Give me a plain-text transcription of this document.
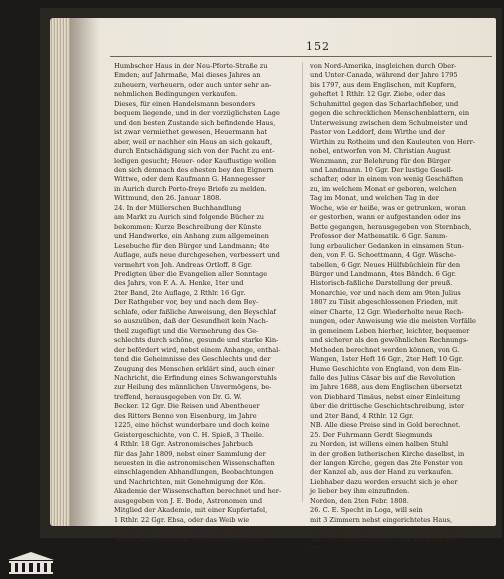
152
Humbscher Haus in der Neu-Pforte-Straße zu
Emden; auf Jahrmaße, Mai dieses Jahres an
zuheuern, verheuern, oder auch unter sehr an-
nehmlichen Bedingungen verkaufen.
Dieses, für einen Handelsmann besonders
bequem liegende, und in der vorzüglichsten Lage
und den besten Zustande sich befindende Haus,
ist zwar vermiethet gewesen, Heuermann hat
aber, weil er nachher ein Haus an sich gekauft,
durch Entschädigung sich von der Pacht zu ent-
ledigen gesucht; Heuer- oder Kauflustige wollen
den sich demnach des ehesten bey den Eignern
Wittwe, oder dem Kaufmann G. Hannegesser
in Aurich durch Porto-freye Briefe zu melden.
Wittmund, den 26. Januar 1808.
24. In der Müllerschen Buchhandlung
am Markt zu Aurich sind folgende Bücher zu
bekommen: Kurze Beschreibung der Künste
und Handwerke, ein Anhang zum allgemeinen
Lesebuche für den Bürger und Landmann; 4te
Auflage, aufs neue durchgesehen, verbessert und
vermehrt von Joh. Andreas Ortloff. 8 Ggr.
Predigten über die Evangelien aller Sonntage
des Jahrs, von F. A. A. Henke, 1ter und
2ter Band, 2te Auflage, 2 Rthlr. 16 Ggr.
Der Rathgeber vor, bey und nach dem Bey-
schlafe, oder faßliche Anweisung, den Beyschlaf
so auszuüben, daß der Gesundheit kein Nach-
theil zugefügt und die Vermehrung des Ge-
schlechts durch schöne, gesunde und starke Kin-
der befördert wird, nebst einem Anhange, enthal-
tend die Geheimnisse des Geschlechts und der
Zeugung des Menschen erklärt sind, auch einer
Nachricht, die Erfindung eines Schwangerstuhls
zur Heilung des männlichen Unvermögens, be-
treffend, herausgegeben von Dr. G. W.
Becker. 12 Ggr. Die Reisen und Abentheuer
des Ritters Benno von Eisenburg, im Jahre
1225, eine höchst wunderbare und doch keine
Geistergeschichte, von C. H. Spieß, 3 Theile.
4 Rthlr. 18 Ggr. Astronomisches Jahrbuch
für das Jahr 1809, nebst einer Sammlung der
neuesten in die astronomischen Wissenschaften
einschlagenden Abhandlungen, Beobachtungen
und Nachrichten, mit Genehmigung der Kön.
Akademie der Wissenschaften berechnet und her-
ausgegeben von J. E. Bode, Astronomen und
Mitglied der Akademie, mit einer Kupfertafel,
1 Rthlr. 22 Ggr. Ebsa, oder das Weib wie
es seyn sollte, als verbesserte Auflage. 16 Ggr.
Weld's Reise durch die vereinten Freystaaten
von Nord-Amerika, insgleichen durch Ober-
und Unter-Canada, während der Jahre 1795
bis 1797, aus dem Englischen, mit Kupfern,
geheftet 1 Rthlr. 12 Ggr. Ziebe, oder das
Schuhmittel gegen das Scharlachfieber, und
gegen die schrecklichen Menschenblattern, ein
Unterweisung zwischen dem Schulmeister und
Pastor von Leddorf, dem Wirthe und der
Wirthin zu Rotheim und den Kauleuten von Herr-
nobel, entworfen von M. Christian August
Wenzmann, zur Belehrung für den Bürger
und Landmann. 10 Ggr. Der lustige Gesell-
schafter, oder in einem von wenig Geschäften
zu, im welchem Monat er geboren, welchen
Tag im Monat, und welchen Tag in der
Woche, wie er heiße, was er getrunken, woran
er gestorben, wann er aufgestanden oder ins
Bette gegangen, herausgegeben von Sternbach,
Professor der Mathematik. 6 Ggr. Samm-
lung erbaulicher Gedanken in einsamen Stun-
den, von F. G. Schoettmann, 4 Ggr. Wäsche-
tabellen, 6 Ggr. Neues Hülfsbüchlein für den
Bürger und Landmann, 4tes Bändch. 6 Ggr.
Historisch-faßliche Darstellung der preuß.
Monarchie, vor und nach dem am 9ten Julius
1807 zu Tilsit abgeschlossenen Frieden, mit
einer Charte, 12 Ggr. Wiederholte neue Rech-
nungen, oder Anweisung wie die meisten Vorfälle
in gemeinem Leben hierher, leichter, bequemer
und sicherer als den gewöhnlichen Rechnungs-
Methoden berechnet werden können, von G.
Wangen, 1ster Heft 16 Ggr., 2ter Heft 10 Ggr.
Hume Geschichte von England, von dem Ein-
falle des Julius Cäsar bis auf die Revolution
im Jahre 1688, aus dem Englischen übersetzt
von Diebhard Timäus, nebst einer Einleitung
über die drittische Geschichtschreibung, ister
und 2ter Band, 4 Rthlr. 12 Ggr.
NB. Alle diese Preise sind in Gold berechnet.
25. Der Fuhrmann Gerdt Siegmunds
zu Norden, ist willens einen halben Stuhl
in der großen lutherischen Kirche daselbst, in
der langen Kirche, gegen das 2te Fenster von
der Kanzel ab, aus der Hand zu verkaufen.
Liebhaber dazu werden ersucht sich je eher
je lieber bey ihm einzufinden.
Norden, den 2ten Febr. 1808.
26. C. E. Specht in Loga, will sein
mit 3 Zimmern nebst eingerichtetes Haus,
nebst Garten, vor Leer am Heisfelder Wege,
um May 1808 anzutreten, aus der Hand ver-
